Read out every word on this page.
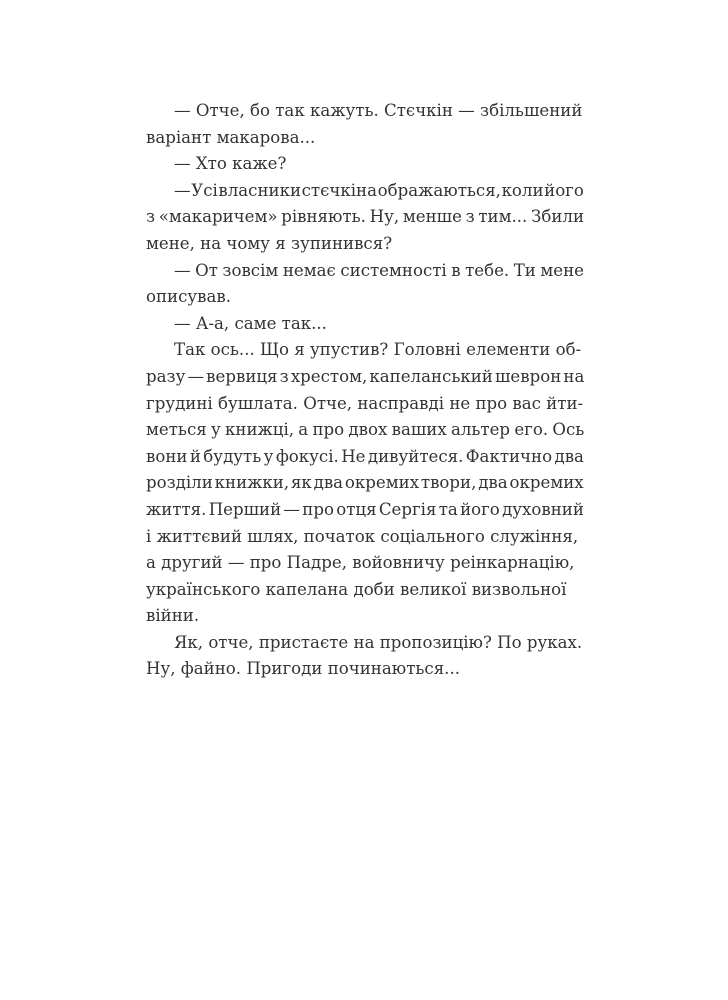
— Отче, бо так кажуть. Стєчкін — збільшений
варіант макарова...
— Хто каже?
— Усі власники стєчкіна ображаються, коли його
з «макаричем» рівняють. Ну, менше з тим... Збили
мене, на чому я зупинився?
— От зовсім немає системності в тебе. Ти мене
описував.
— А-а, саме так...
Так ось... Що я упустив? Головні елементи об-
разу — вервиця з хрестом, капеланський шеврон на
грудині бушлата. Отче, насправді не про вас йти-
меться у книжці, а про двох ваших альтер его. Ось
вони й будуть у фокусі. Не дивуйтеся. Фактично два
розділи книжки, як два окремих твори, два окремих
життя. Перший — про отця Сергія та його духовний
і життєвий шлях, початок соціального служіння,
а другий — про Падре, войовничу реінкарнацію,
українського капелана доби великої визвольної
війни.
Як, отче, пристаєте на пропозицію? По руках.
Ну, файно. Пригоди починаються...
